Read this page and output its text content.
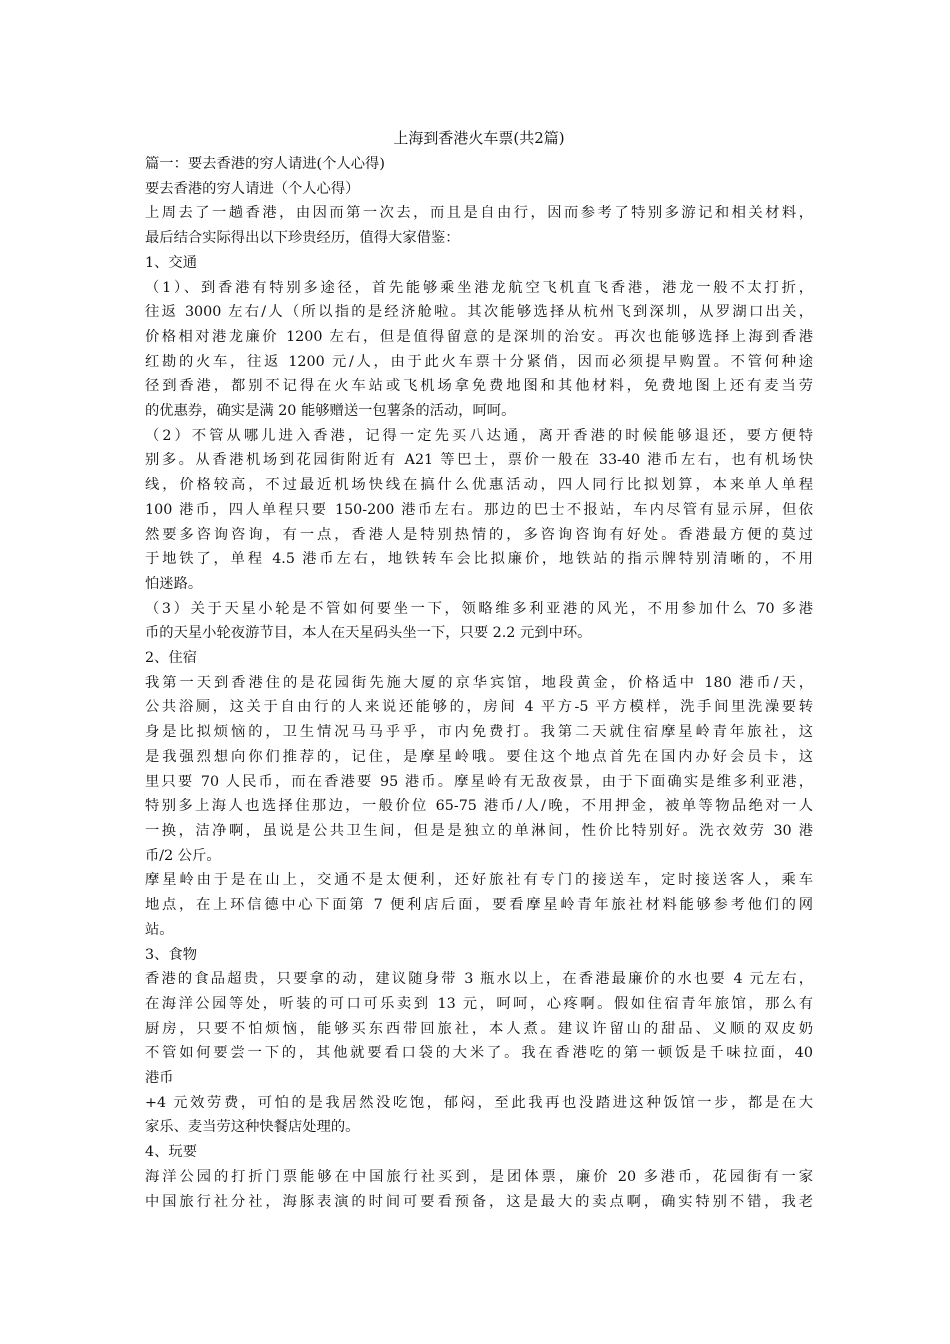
上海到香港火车票(共2篇)

篇一：要去香港的穷人请进(个人心得)

要去香港的穷人请进（个人心得）

上周去了一趟香港，由因而第一次去，而且是自由行，因而参考了特别多游记和相关材料，

最后结合实际得出以下珍贵经历，值得大家借鉴：

1、交通

（1）、到香港有特别多途径，首先能够乘坐港龙航空飞机直飞香港，港龙一般不太打折，

往返 3000 左右/人（所以指的是经济舱啦。其次能够选择从杭州飞到深圳，从罗湖口出关，

价格相对港龙廉价 1200 左右，但是值得留意的是深圳的治安。再次也能够选择上海到香港

红勘的火车，往返 1200 元/人，由于此火车票十分紧俏，因而必须提早购置。不管何种途

径到香港，都别不记得在火车站或飞机场拿免费地图和其他材料，免费地图上还有麦当劳

的优惠券，确实是满 20 能够赠送一包薯条的活动，呵呵。

（2）不管从哪儿进入香港，记得一定先买八达通，离开香港的时候能够退还，要方便特

别多。从香港机场到花园街附近有 A21 等巴士，票价一般在 33-40 港币左右，也有机场快

线，价格较高，不过最近机场快线在搞什么优惠活动，四人同行比拟划算，本来单人单程

100 港币，四人单程只要 150-200 港币左右。那边的巴士不报站，车内尽管有显示屏，但依

然要多咨询咨询，有一点，香港人是特别热情的，多咨询咨询有好处。香港最方便的莫过

于地铁了，单程 4.5 港币左右，地铁转车会比拟廉价，地铁站的指示牌特别清晰的，不用

怕迷路。

（3）关于天星小轮是不管如何要坐一下，领略维多利亚港的风光，不用参加什么 70 多港

币的天星小轮夜游节目，本人在天星码头坐一下，只要 2.2 元到中环。

2、住宿

我第一天到香港住的是花园街先施大厦的京华宾馆，地段黄金，价格适中 180 港币/天，

公共浴厕，这关于自由行的人来说还能够的，房间 4 平方-5 平方模样，洗手间里洗澡要转

身是比拟烦恼的，卫生情况马马乎乎，市内免费打。我第二天就住宿摩星岭青年旅社，这

是我强烈想向你们推荐的，记住，是摩星岭哦。要住这个地点首先在国内办好会员卡，这

里只要 70 人民币，而在香港要 95 港币。摩星岭有无敌夜景，由于下面确实是维多利亚港，

特别多上海人也选择住那边，一般价位 65-75 港币/人/晚，不用押金，被单等物品绝对一人

一换，洁净啊，虽说是公共卫生间，但是是独立的单淋间，性价比特别好。洗衣效劳 30 港

币/2 公斤。

摩星岭由于是在山上，交通不是太便利，还好旅社有专门的接送车，定时接送客人，乘车

地点，在上环信德中心下面第 7 便利店后面，要看摩星岭青年旅社材料能够参考他们的网

站。

3、食物

香港的食品超贵，只要拿的动，建议随身带 3 瓶水以上，在香港最廉价的水也要 4 元左右，

在海洋公园等处，听装的可口可乐卖到 13 元，呵呵，心疼啊。假如住宿青年旅馆，那么有

厨房，只要不怕烦恼，能够买东西带回旅社，本人煮。建议许留山的甜品、义顺的双皮奶

不管如何要尝一下的，其他就要看口袋的大米了。我在香港吃的第一顿饭是千味拉面，40

港币

+4 元效劳费，可怕的是我居然没吃饱，郁闷，至此我再也没踏进这种饭馆一步，都是在大

家乐、麦当劳这种快餐店处理的。

4、玩要

海洋公园的打折门票能够在中国旅行社买到，是团体票，廉价 20 多港币，花园街有一家

中国旅行社分社，海豚表演的时间可要看预备，这是最大的卖点啊，确实特别不错，我老
